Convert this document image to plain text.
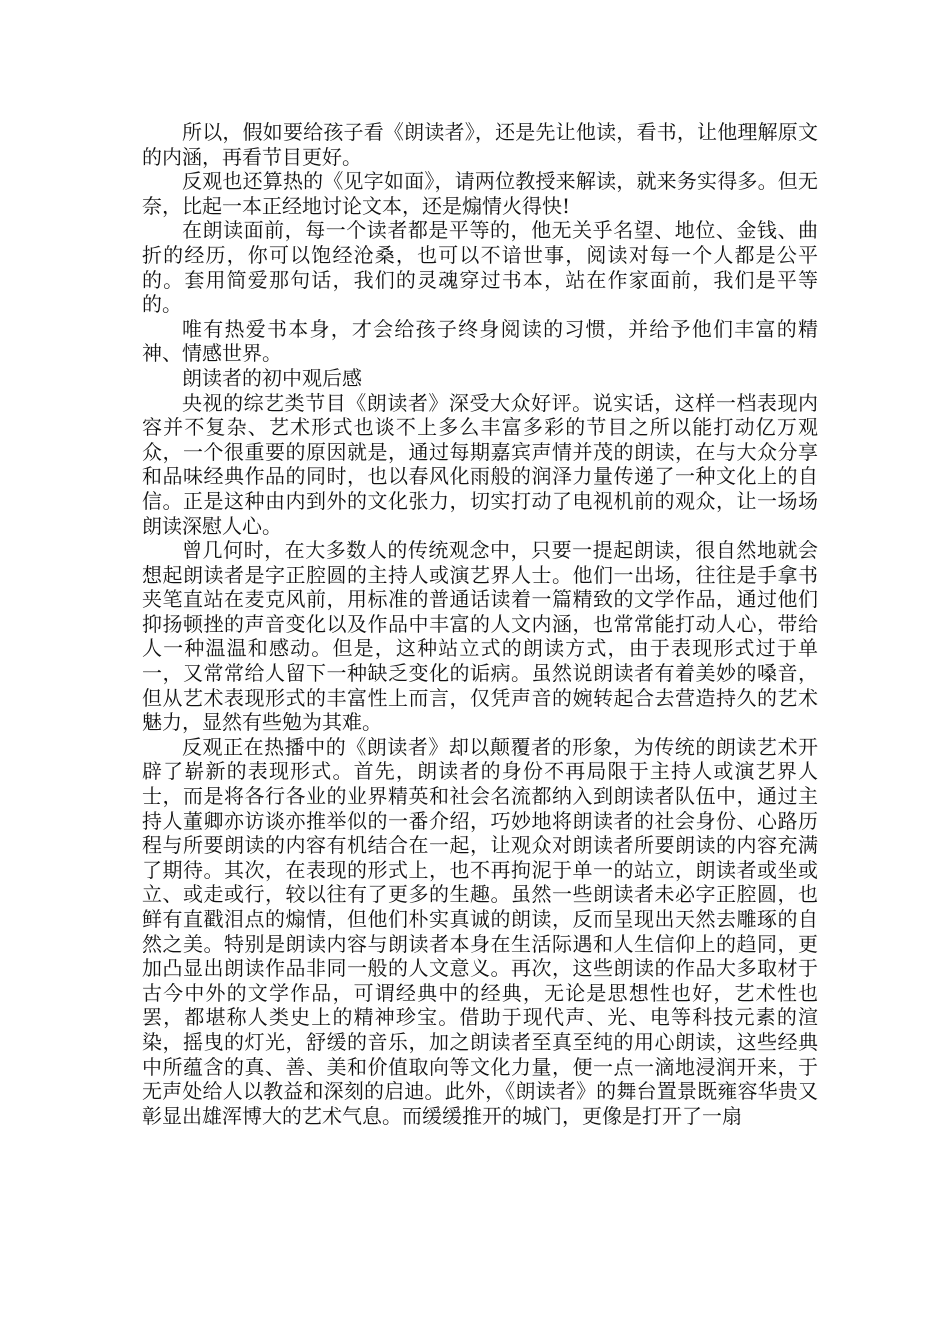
所以，假如要给孩子看《朗读者》，还是先让他读，看书，让他理解原文的内涵，再看节目更好。

反观也还算热的《见字如面》，请两位教授来解读，就来务实得多。但无奈，比起一本正经地讨论文本，还是煽情火得快!

在朗读面前，每一个读者都是平等的，他无关乎名望、地位、金钱、曲折的经历，你可以饱经沧桑，也可以不谙世事，阅读对每一个人都是公平的。套用简爱那句话，我们的灵魂穿过书本，站在作家面前，我们是平等的。

唯有热爱书本身，才会给孩子终身阅读的习惯，并给予他们丰富的精神、情感世界。

朗读者的初中观后感

央视的综艺类节目《朗读者》深受大众好评。说实话，这样一档表现内容并不复杂、艺术形式也谈不上多么丰富多彩的节目之所以能打动亿万观众，一个很重要的原因就是，通过每期嘉宾声情并茂的朗读，在与大众分享和品味经典作品的同时，也以春风化雨般的润泽力量传递了一种文化上的自信。正是这种由内到外的文化张力，切实打动了电视机前的观众，让一场场朗读深慰人心。

曾几何时，在大多数人的传统观念中，只要一提起朗读，很自然地就会想起朗读者是字正腔圆的主持人或演艺界人士。他们一出场，往往是手拿书夹笔直站在麦克风前，用标准的普通话读着一篇精致的文学作品，通过他们抑扬顿挫的声音变化以及作品中丰富的人文内涵，也常常能打动人心，带给人一种温温和感动。但是，这种站立式的朗读方式，由于表现形式过于单一，又常常给人留下一种缺乏变化的诟病。虽然说朗读者有着美妙的嗓音，但从艺术表现形式的丰富性上而言，仅凭声音的婉转起合去营造持久的艺术魅力，显然有些勉为其难。

反观正在热播中的《朗读者》却以颠覆者的形象，为传统的朗读艺术开辟了崭新的表现形式。首先，朗读者的身份不再局限于主持人或演艺界人士，而是将各行各业的业界精英和社会名流都纳入到朗读者队伍中，通过主持人董卿亦访谈亦推举似的一番介绍，巧妙地将朗读者的社会身份、心路历程与所要朗读的内容有机结合在一起，让观众对朗读者所要朗读的内容充满了期待。其次，在表现的形式上，也不再拘泥于单一的站立，朗读者或坐或立、或走或行，较以往有了更多的生趣。虽然一些朗读者未必字正腔圆，也鲜有直戳泪点的煽情，但他们朴实真诚的朗读，反而呈现出天然去雕琢的自然之美。特别是朗读内容与朗读者本身在生活际遇和人生信仰上的趋同，更加凸显出朗读作品非同一般的人文意义。再次，这些朗读的作品大多取材于古今中外的文学作品，可谓经典中的经典，无论是思想性也好，艺术性也罢，都堪称人类史上的精神珍宝。借助于现代声、光、电等科技元素的渲染，摇曳的灯光，舒缓的音乐，加之朗读者至真至纯的用心朗读，这些经典中所蕴含的真、善、美和价值取向等文化力量，便一点一滴地浸润开来，于无声处给人以教益和深刻的启迪。此外，《朗读者》的舞台置景既雍容华贵又彰显出雄浑博大的艺术气息。而缓缓推开的城门，更像是打开了一扇
